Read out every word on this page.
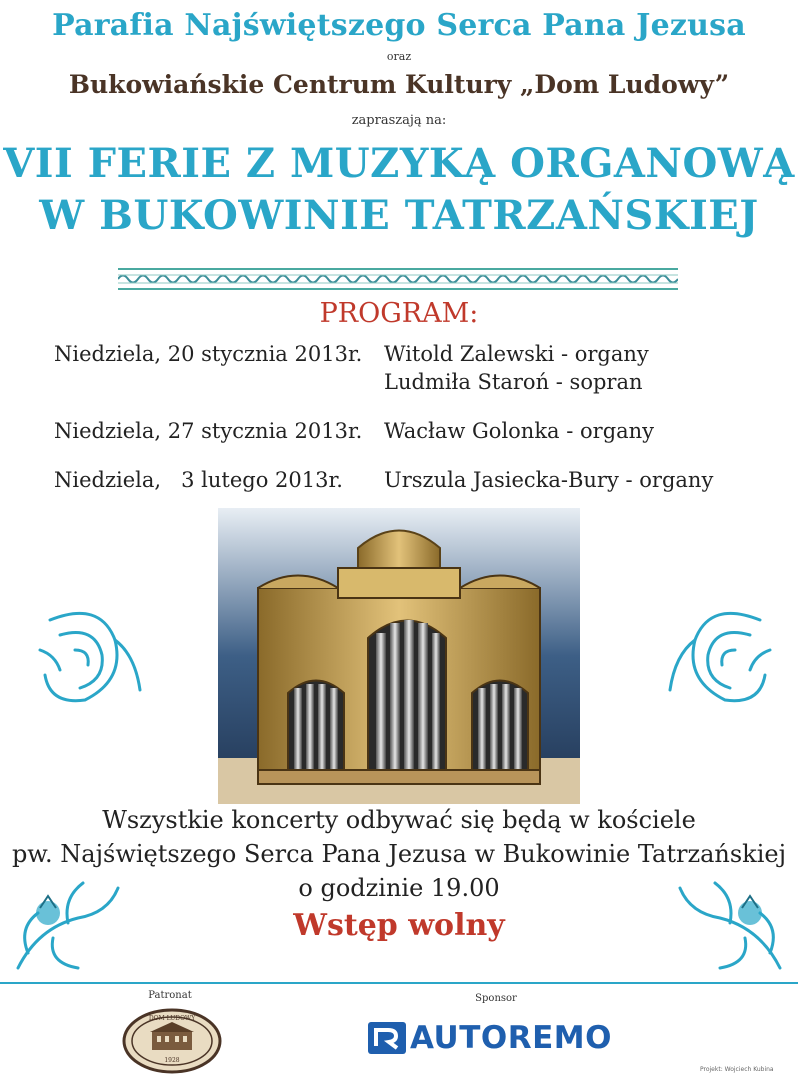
Parafia Najświętszego Serca Pana Jezusa
oraz
Bukowiańskie Centrum Kultury „Dom Ludowy”
zapraszają na:
VII FERIE Z MUZYKĄ ORGANOWĄ
W BUKOWINIE TATRZAŃSKIEJ
PROGRAM:
Niedziela, 20 stycznia 2013r. Witold Zalewski - organy
Ludmiła Staroń - sopran
Niedziela, 27 stycznia 2013r. Wacław Golonka - organy
Niedziela,   3 lutego 2013r. Urszula Jasiecka-Bury - organy
Wszystkie koncerty odbywać się będą w kościele
pw. Najświętszego Serca Pana Jezusa w Bukowinie Tatrzańskiej
o godzinie 19.00
Wstęp wolny
Patronat	Sponsor
DOM LUDOWY
1928
AUTOREMO
Projekt: Wojciech Kubina
